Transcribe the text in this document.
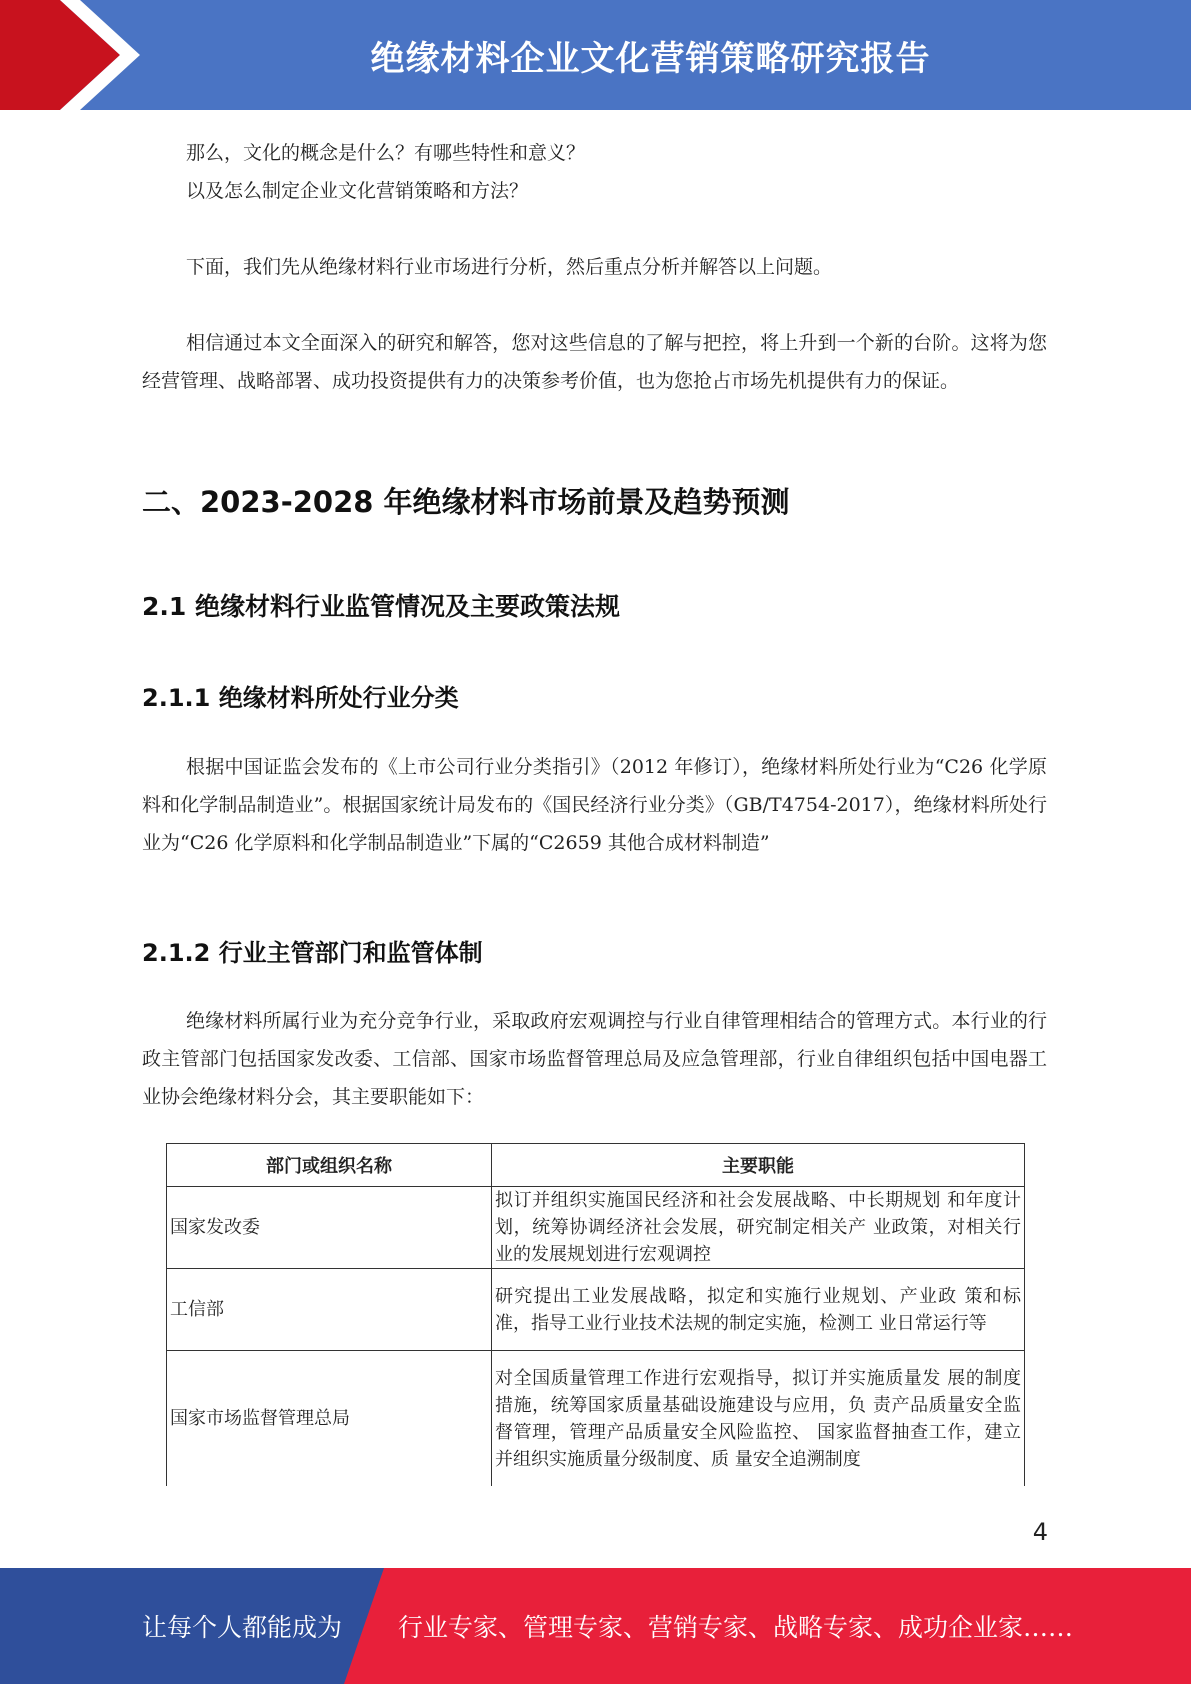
绝缘材料企业文化营销策略研究报告
那么，文化的概念是什么？有哪些特性和意义？
以及怎么制定企业文化营销策略和方法？
下面，我们先从绝缘材料行业市场进行分析，然后重点分析并解答以上问题。
相信通过本文全面深入的研究和解答，您对这些信息的了解与把控，将上升到一个新的台阶。这将为您经营管理、战略部署、成功投资提供有力的决策参考价值，也为您抢占市场先机提供有力的保证。
二、2023-2028 年绝缘材料市场前景及趋势预测
2.1 绝缘材料行业监管情况及主要政策法规
2.1.1 绝缘材料所处行业分类
根据中国证监会发布的《上市公司行业分类指引》（2012 年修订），绝缘材料所处行业为“C26 化学原料和化学制品制造业”。根据国家统计局发布的《国民经济行业分类》（GB/T4754-2017），绝缘材料所处行业为“C26 化学原料和化学制品制造业”下属的“C2659 其他合成材料制造”
2.1.2 行业主管部门和监管体制
绝缘材料所属行业为充分竞争行业，采取政府宏观调控与行业自律管理相结合的管理方式。本行业的行政主管部门包括国家发改委、工信部、国家市场监督管理总局及应急管理部，行业自律组织包括中国电器工业协会绝缘材料分会，其主要职能如下：
部门或组织名称	主要职能
国家发改委	拟订并组织实施国民经济和社会发展战略、中长期规划 和年度计划，统筹协调经济社会发展，研究制定相关产 业政策，对相关行业的发展规划进行宏观调控
工信部	研究提出工业发展战略，拟定和实施行业规划、产业政 策和标准，指导工业行业技术法规的制定实施，检测工 业日常运行等
国家市场监督管理总局	对全国质量管理工作进行宏观指导，拟订并实施质量发 展的制度措施，统筹国家质量基础设施建设与应用，负 责产品质量安全监督管理，管理产品质量安全风险监控、 国家监督抽查工作，建立并组织实施质量分级制度、质 量安全追溯制度
4
让每个人都能成为 行业专家、管理专家、营销专家、战略专家、成功企业家……
